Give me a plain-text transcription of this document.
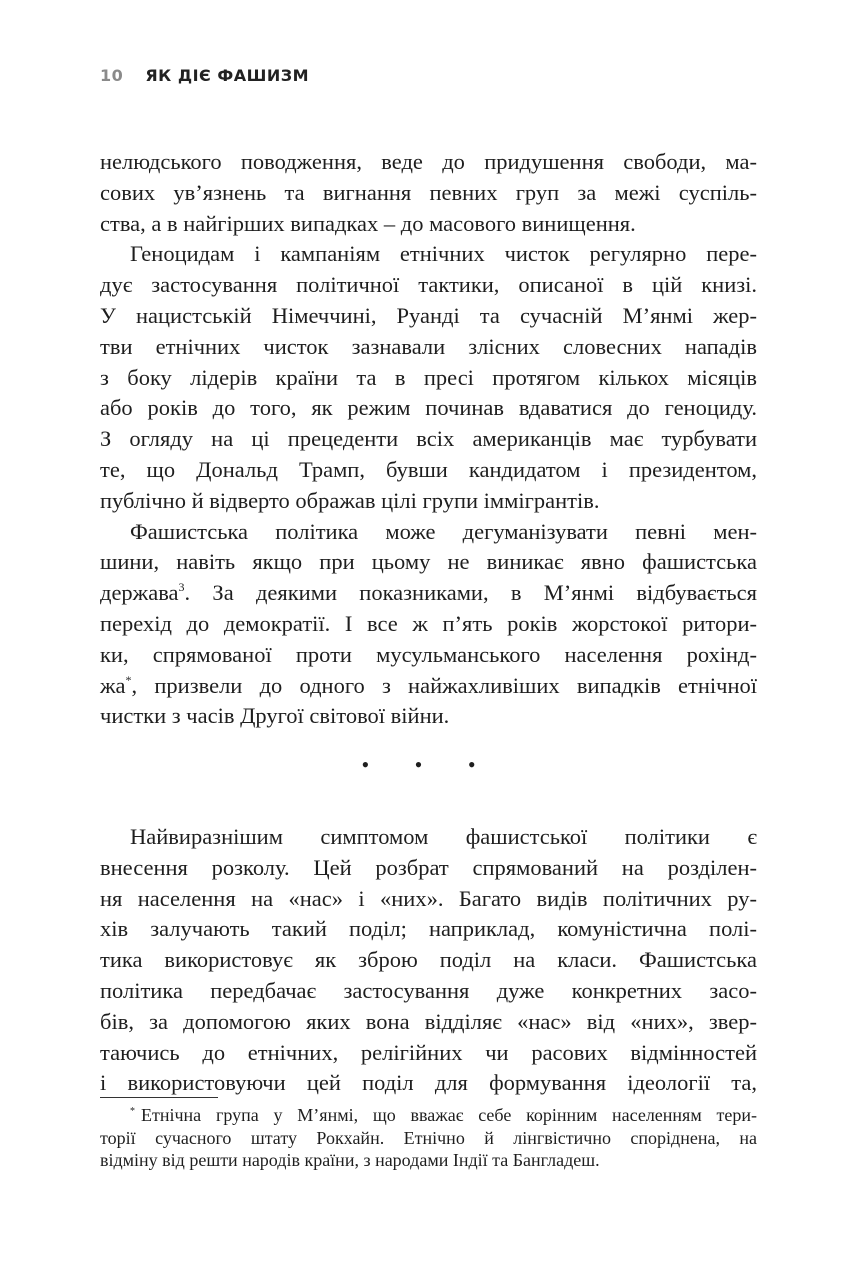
10 ЯК ДІЄ ФАШИЗМ
нелюдського поводження, веде до придушення свободи, ма-
сових ув’язнень та вигнання певних груп за межі суспіль-
ства, а в найгірших випадках – до масового винищення.
Геноцидам і кампаніям етнічних чисток регулярно пере-
дує застосування політичної тактики, описаної в цій книзі.
У нацистській Німеччині, Руанді та сучасній М’янмі жер-
тви етнічних чисток зазнавали злісних словесних нападів
з боку лідерів країни та в пресі протягом кількох місяців
або років до того, як режим починав вдаватися до геноциду.
З огляду на ці прецеденти всіх американців має турбувати
те, що Дональд Трамп, бувши кандидатом і президентом,
публічно й відверто ображав цілі групи іммігрантів.
Фашистська політика може дегуманізувати певні мен-
шини, навіть якщо при цьому не виникає явно фашистська
держава$^3$. За деякими показниками, в М’янмі відбувається
перехід до демократії. І все ж п’ять років жорстокої ритори-
ки, спрямованої проти мусульманського населення рохінд-
жа*, призвели до одного з найжахливіших випадків етнічної
чистки з часів Другої світової війни.
• • •
Найвиразнішим симптомом фашистської політики є
внесення розколу. Цей розбрат спрямований на розділен-
ня населення на «нас» і «них». Багато видів політичних ру-
хів залучають такий поділ; наприклад, комуністична полі-
тика використовує як зброю поділ на класи. Фашистська
політика передбачає застосування дуже конкретних засо-
бів, за допомогою яких вона відділяє «нас» від «них», звер-
таючись до етнічних, релігійних чи расових відмінностей
і використовуючи цей поділ для формування ідеології та,
* Етнічна група у М’янмі, що вважає себе корінним населенням тери-
торії сучасного штату Рокхайн. Етнічно й лінгвістично споріднена, на
відміну від решти народів країни, з народами Індії та Бангладеш.
